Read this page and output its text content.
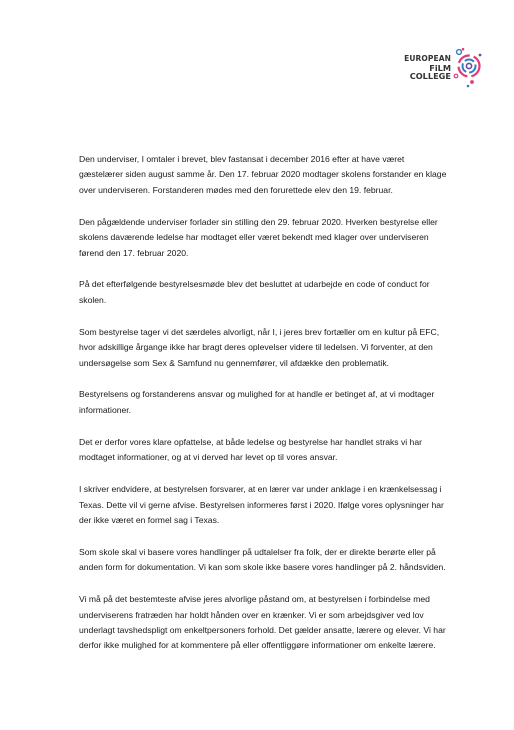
EUROPEAN
FiLM COLLEGE

Den underviser, I omtaler i brevet, blev fastansat i december 2016 efter at have været gæstelærer siden august samme år. Den 17. februar 2020 modtager skolens forstander en klage over underviseren. Forstanderen mødes med den forurettede elev den 19. februar.

Den pågældende underviser forlader sin stilling den 29. februar 2020. Hverken bestyrelse eller skolens daværende ledelse har modtaget eller været bekendt med klager over underviseren førend den 17. februar 2020.

På det efterfølgende bestyrelsesmøde blev det besluttet at udarbejde en code of conduct for skolen.

Som bestyrelse tager vi det særdeles alvorligt, når I, i jeres brev fortæller om en kultur på EFC, hvor adskillige årgange ikke har bragt deres oplevelser videre til ledelsen. Vi forventer, at den undersøgelse som Sex & Samfund nu gennemfører, vil afdække den problematik.

Bestyrelsens og forstanderens ansvar og mulighed for at handle er betinget af, at vi modtager informationer.

Det er derfor vores klare opfattelse, at både ledelse og bestyrelse har handlet straks vi har modtaget informationer, og at vi derved har levet op til vores ansvar.

I skriver endvidere, at bestyrelsen forsvarer, at en lærer var under anklage i en krænkelsessag i Texas. Dette vil vi gerne afvise. Bestyrelsen informeres først i 2020. Ifølge vores oplysninger har der ikke været en formel sag i Texas.

Som skole skal vi basere vores handlinger på udtalelser fra folk, der er direkte berørte eller på anden form for dokumentation. Vi kan som skole ikke basere vores handlinger på 2. håndsviden.

Vi må på det bestemteste afvise jeres alvorlige påstand om, at bestyrelsen i forbindelse med underviserens fratræden har holdt hånden over en krænker. Vi er som arbejdsgiver ved lov underlagt tavshedspligt om enkeltpersoners forhold. Det gælder ansatte, lærere og elever. Vi har derfor ikke mulighed for at kommentere på eller offentliggøre informationer om enkelte lærere.
